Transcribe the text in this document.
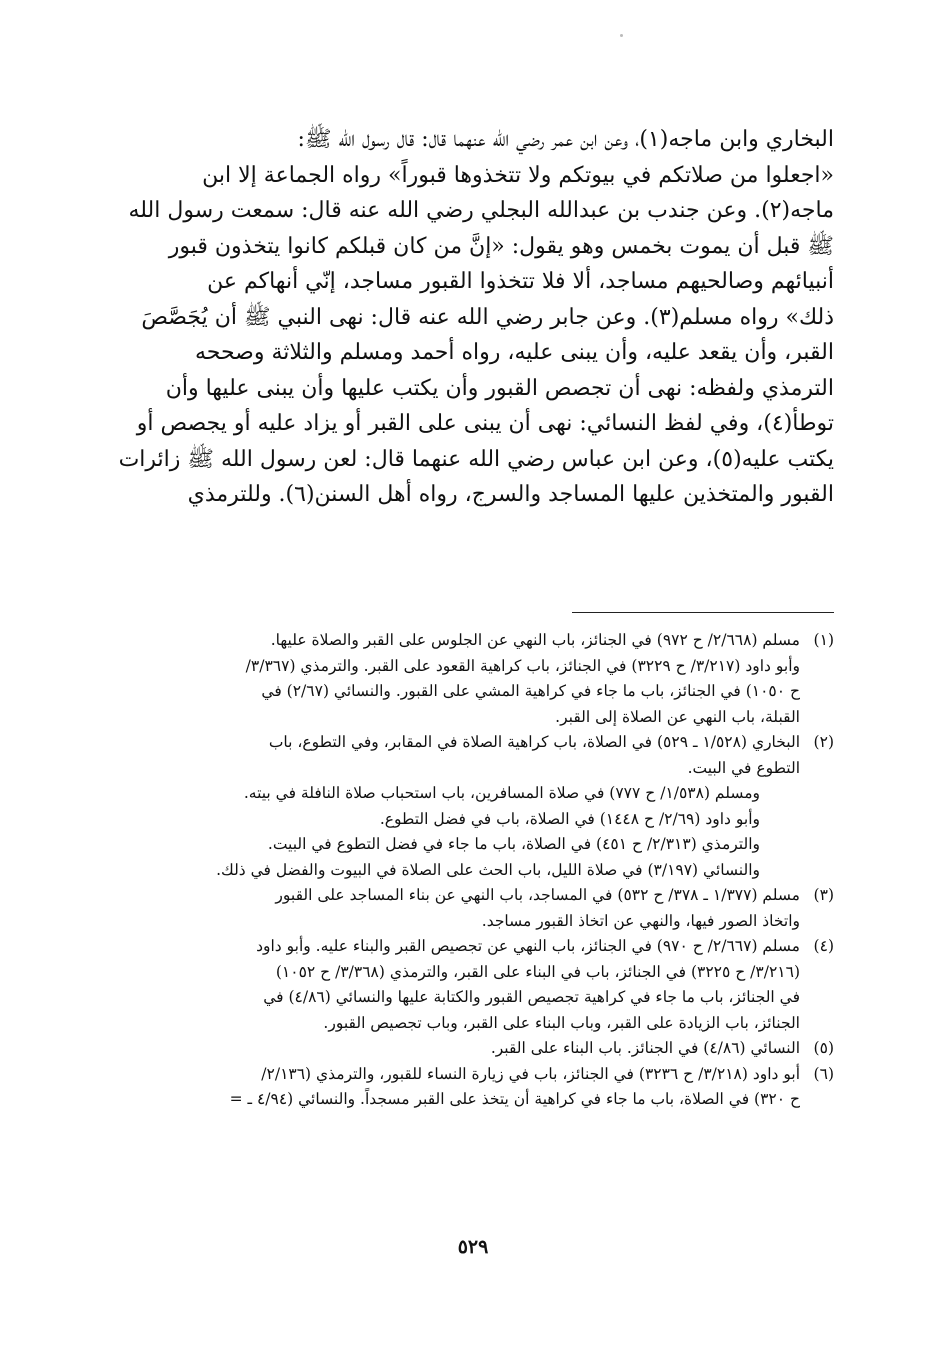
البخاري وابن ماجه(١)، وعن ابن عمر رضي الله عنهما قال: قال رسول الله ﷺ:
«اجعلوا من صلاتكم في بيوتكم ولا تتخذوها قبوراً» رواه الجماعة إلا ابن
ماجه(٢). وعن جندب بن عبدالله البجلي رضي الله عنه قال: سمعت رسول الله
ﷺ قبل أن يموت بخمس وهو يقول: «إنَّ من كان قبلكم كانوا يتخذون قبور
أنبيائهم وصالحيهم مساجد، ألا فلا تتخذوا القبور مساجد، إنّي أنهاكم عن
ذلك» رواه مسلم(٣). وعن جابر رضي الله عنه قال: نهى النبي ﷺ أن يُجَصَّصَ
القبر، وأن يقعد عليه، وأن يبنى عليه، رواه أحمد ومسلم والثلاثة وصححه
الترمذي ولفظه: نهى أن تجصص القبور وأن يكتب عليها وأن يبنى عليها وأن
توطأ(٤)، وفي لفظ النسائي: نهى أن يبنى على القبر أو يزاد عليه أو يجصص أو
يكتب عليه(٥)، وعن ابن عباس رضي الله عنهما قال: لعن رسول الله ﷺ زائرات
القبور والمتخذين عليها المساجد والسرج، رواه أهل السنن(٦). وللترمذي
(١)
مسلم (٢/٦٦٨/ ح ٩٧٢) في الجنائز، باب النهي عن الجلوس على القبر والصلاة عليها.
وأبو داود (٣/٢١٧/ ح ٣٢٢٩) في الجنائز، باب كراهية القعود على القبر. والترمذي (٣/٣٦٧/
ح ١٠٥٠) في الجنائز، باب ما جاء في كراهية المشي على القبور. والنسائي (٢/٦٧) في
القبلة، باب النهي عن الصلاة إلى القبر.
(٢)
البخاري (١/٥٢٨ ـ ٥٢٩) في الصلاة، باب كراهية الصلاة في المقابر، وفي التطوع، باب
التطوع في البيت.
ومسلم (١/٥٣٨/ ح ٧٧٧) في صلاة المسافرين، باب استحباب صلاة النافلة في بيته.
وأبو داود (٢/٦٩/ ح ١٤٤٨) في الصلاة، باب في فضل التطوع.
والترمذي (٢/٣١٣/ ح ٤٥١) في الصلاة، باب ما جاء في فضل التطوع في البيت.
والنسائي (٣/١٩٧) في صلاة الليل، باب الحث على الصلاة في البيوت والفضل في ذلك.
(٣)
مسلم (١/٣٧٧ ـ ٣٧٨/ ح ٥٣٢) في المساجد، باب النهي عن بناء المساجد على القبور
واتخاذ الصور فيها، والنهي عن اتخاذ القبور مساجد.
(٤)
مسلم (٢/٦٦٧/ ح ٩٧٠) في الجنائز، باب النهي عن تجصيص القبر والبناء عليه. وأبو داود
(٣/٢١٦/ ح ٣٢٢٥) في الجنائز، باب في البناء على القبر، والترمذي (٣/٣٦٨/ ح ١٠٥٢)
في الجنائز، باب ما جاء في كراهية تجصيص القبور والكتابة عليها والنسائي (٤/٨٦) في
الجنائز، باب الزيادة على القبر، وباب البناء على القبر، وباب تجصيص القبور.
(٥)
النسائي (٤/٨٦) في الجنائز. باب البناء على القبر.
(٦)
أبو داود (٣/٢١٨/ ح ٣٢٣٦) في الجنائز، باب في زيارة النساء للقبور، والترمذي (٢/١٣٦/
ح ٣٢٠) في الصلاة، باب ما جاء في كراهية أن يتخذ على القبر مسجداً. والنسائي (٤/٩٤ ـ =
٥٢٩
